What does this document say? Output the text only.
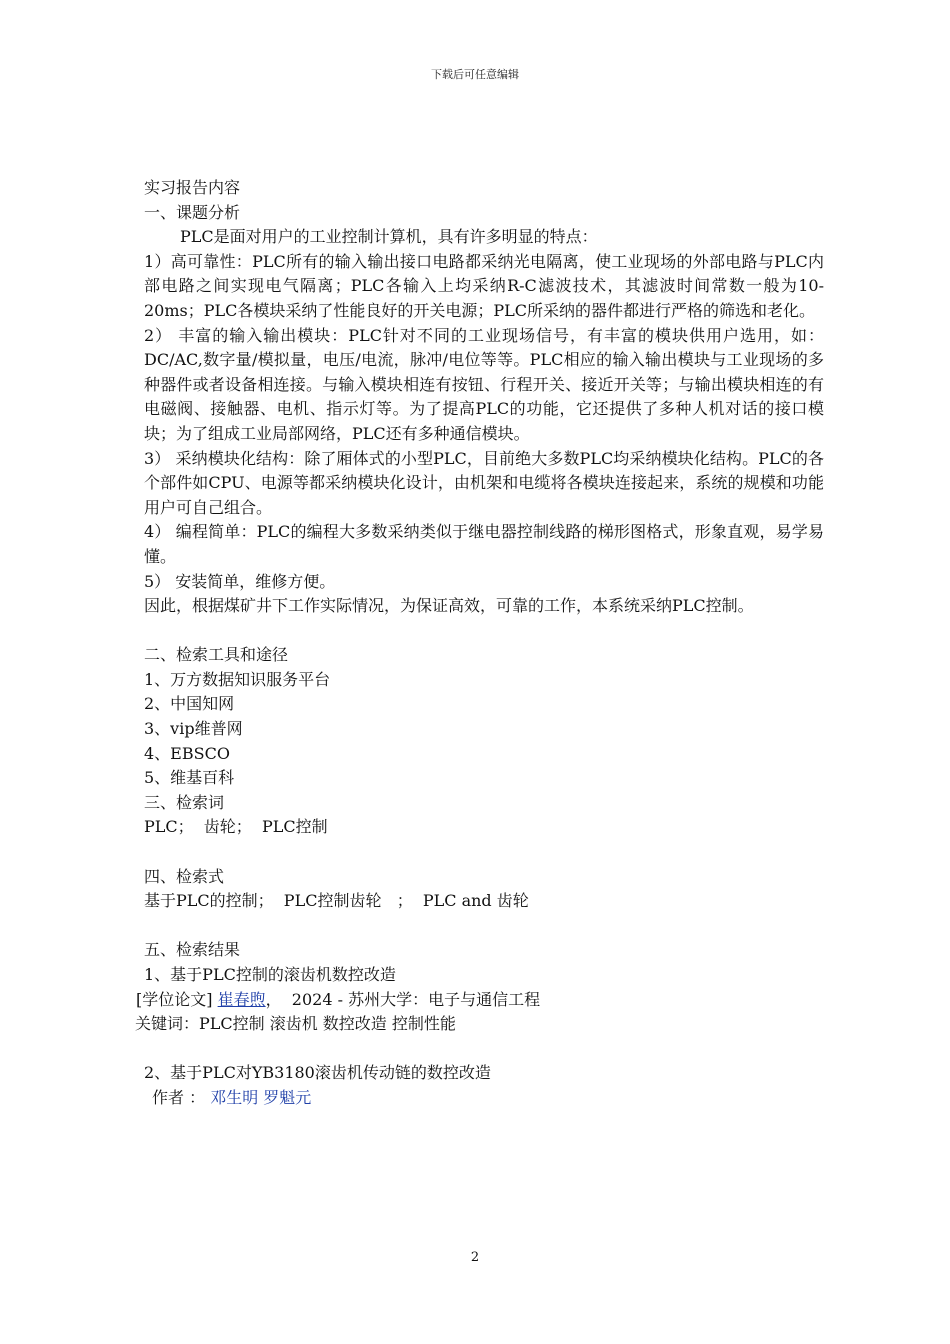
下载后可任意编辑

实习报告内容

一、课题分析

PLC是面对用户的工业控制计算机，具有许多明显的特点：

1）高可靠性：PLC所有的输入输出接口电路都采纳光电隔离，使工业现场的外部电路与PLC内部电路之间实现电气隔离；PLC各输入上均采纳R-C滤波技术，其滤波时间常数一般为10-20ms；PLC各模块采纳了性能良好的开关电源；PLC所采纳的器件都进行严格的筛选和老化。

2） 丰富的输入输出模块：PLC针对不同的工业现场信号，有丰富的模块供用户选用，如：DC/AC,数字量/模拟量，电压/电流，脉冲/电位等等。PLC相应的输入输出模块与工业现场的多种器件或者设备相连接。与输入模块相连有按钮、行程开关、接近开关等；与输出模块相连的有电磁阀、接触器、电机、指示灯等。为了提高PLC的功能，它还提供了多种人机对话的接口模块；为了组成工业局部网络，PLC还有多种通信模块。

3） 采纳模块化结构：除了厢体式的小型PLC，目前绝大多数PLC均采纳模块化结构。PLC的各个部件如CPU、电源等都采纳模块化设计，由机架和电缆将各模块连接起来，系统的规模和功能用户可自己组合。

4） 编程简单：PLC的编程大多数采纳类似于继电器控制线路的梯形图格式，形象直观，易学易懂。

5） 安装简单，维修方便。

因此，根据煤矿井下工作实际情况，为保证高效，可靠的工作，本系统采纳PLC控制。

二、检索工具和途径

1、万方数据知识服务平台

2、中国知网

3、vip维普网

4、EBSCO

5、维基百科

三、检索词

PLC；  齿轮；  PLC控制

四、检索式

基于PLC的控制；  PLC控制齿轮   ；  PLC and 齿轮

五、检索结果

1、基于PLC控制的滚齿机数控改造

[学位论文] 崔春煦，  2024 - 苏州大学：电子与通信工程

关键词：PLC控制 滚齿机 数控改造 控制性能

2、基于PLC对YB3180滚齿机传动链的数控改造

作者 ： 邓生明 罗魁元

2
